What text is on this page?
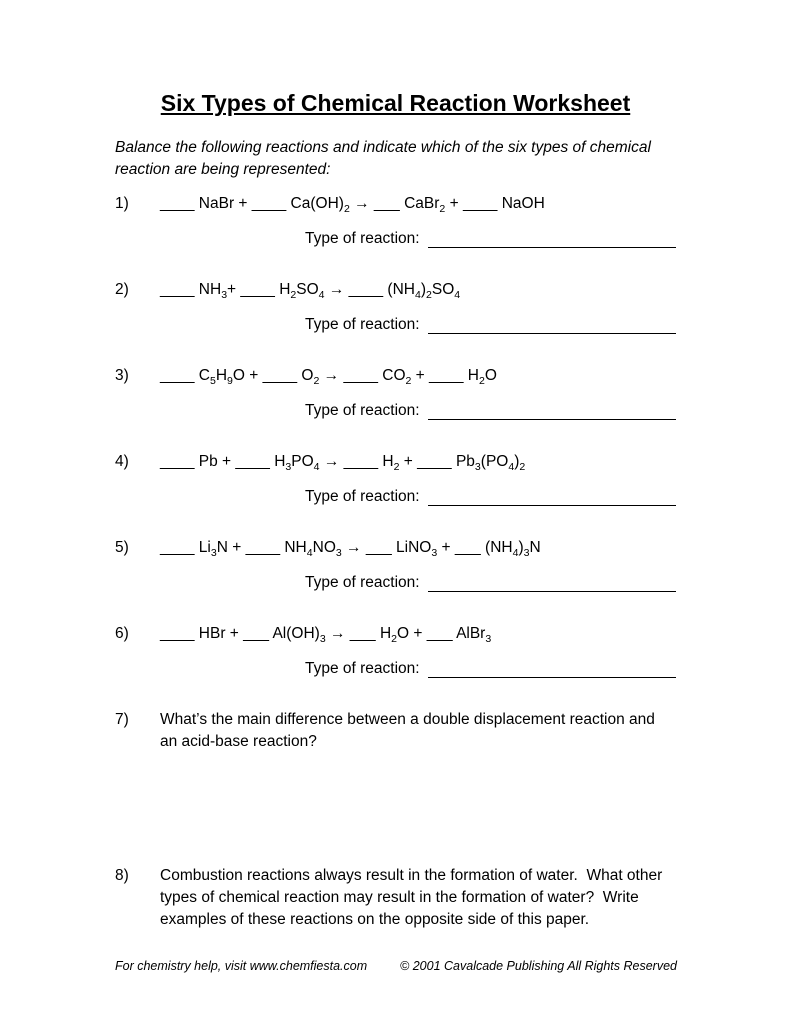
Six Types of Chemical Reaction Worksheet

Balance the following reactions and indicate which of the six types of chemical reaction are being represented:

1)	____ NaBr + ____ $Ca(OH)_2$ → ___ CaBr$_2$ + ____ NaOH
Type of reaction:
2)	____ $NH_3+$ ____ $H_2SO_4$ → ____ $(NH_4)_2SO_4$
Type of reaction:
3)	____ $C_5H_9O$ + ____ $O_2$ → ____ $CO_2$ + ____ $H_2O$
Type of reaction:
4)	____ Pb + ____ $H_3PO_4$ → ____ $H_2$ + ____ $Pb_3(PO_4)_2$
Type of reaction:
5)	____ $Li_3N$ + ____ $NH_4NO_3$ → ___ LiNO$_3$ + ___ $(NH_4)_3N$
Type of reaction:
6)	____ HBr + ___ $Al(OH)_3$ → ___ $H_2O$ + ___ AlBr$_3$
Type of reaction:
7)	What’s the main difference between a double displacement reaction and an acid-base reaction?
8)	Combustion reactions always result in the formation of water.  What other types of chemical reaction may result in the formation of water?  Write examples of these reactions on the opposite side of this paper.
For chemistry help, visit www.chemfiesta.com	© 2001 Cavalcade Publishing All Rights Reserved
